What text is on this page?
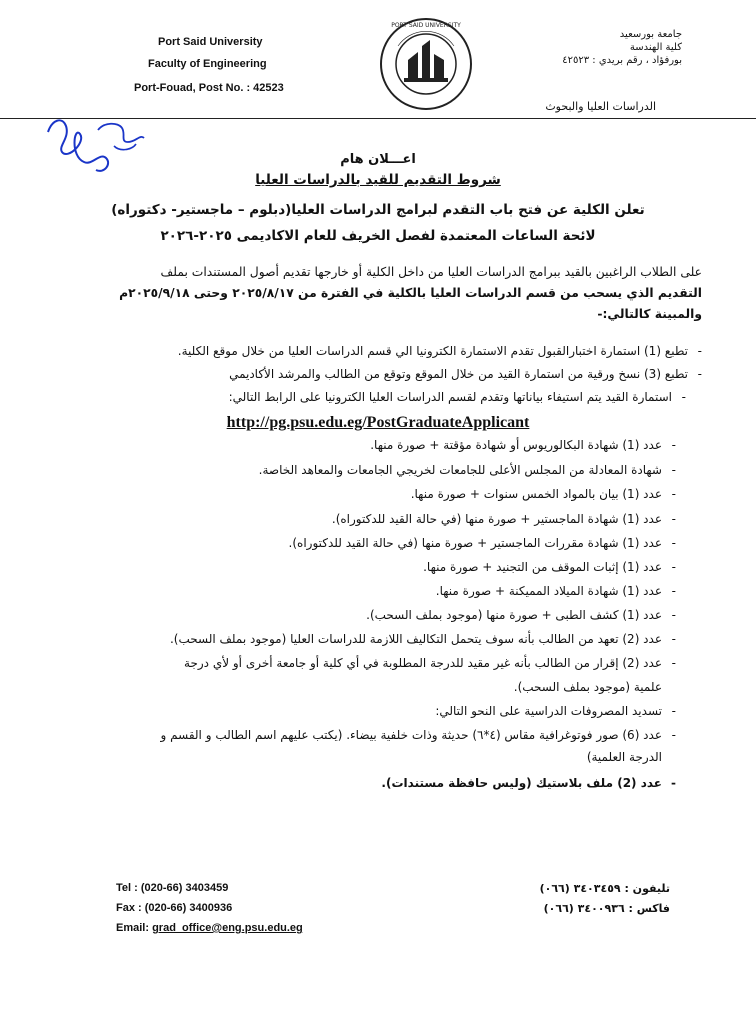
Port Said University
Faculty of Engineering
Port-Fouad, Post No. : 42523
PORT SAID UNIVERSITY
جامعة بورسعيد
كلية الهندسة
بورفؤاد ، رقم بريدي : ٤٢٥٢٣
الدراسات العليا والبحوث
اعـــلان هام
شروط التقديم للقيد بالدراسات العليا
تعلن الكلية عن فتح باب التقدم لبرامج الدراسات العليا(دبلوم – ماجستير- دكتوراه)
لائحة الساعات المعتمدة لفصل الخريف للعام الاكاديمى ٢٠٢٥-٢٠٢٦
على الطلاب الراغبين بالقيد ببرامج الدراسات العليا من داخل الكلية أو خارجها تقديم أصول المستندات بملف
التقديم الذي يسحب من قسم الدراسات العليا بالكلية في الفترة من ٢٠٢٥/٨/١٧ وحتى ٢٠٢٥/٩/١٨م
والمبينة كالتالي:-
-تطبع (1) استمارة اختبارالقبول تقدم الاستمارة الكترونيا الي قسم الدراسات العليا من خلال موقع الكلية.
-تطبع (3) نسخ ورقية من استمارة القيد من خلال الموقع وتوقع من الطالب والمرشد الأكاديمي
-استمارة القيد يتم استيفاء بياناتها وتقدم لقسم الدراسات العليا الكترونيا على الرابط التالي:
http://pg.psu.edu.eg/PostGraduateApplicant
-عدد (1) شهادة البكالوريوس أو شهادة مؤقتة + صورة منها.
-شهادة المعادلة من المجلس الأعلى للجامعات لخريجي الجامعات والمعاهد الخاصة.
-عدد (1) بيان بالمواد الخمس سنوات + صورة منها.
-عدد (1) شهادة الماجستير + صورة منها (في حالة القيد للدكتوراه).
-عدد (1) شهادة مقررات الماجستير + صورة منها (في حالة القيد للدكتوراه).
-عدد (1) إثبات الموقف من التجنيد + صورة منها.
-عدد (1) شهادة الميلاد المميكنة + صورة منها.
-عدد (1) كشف الطبى + صورة منها (موجود بملف السحب).
-عدد (2) تعهد من الطالب بأنه سوف يتحمل التكاليف اللازمة للدراسات العليا (موجود بملف السحب).
-عدد (2) إقرار من الطالب بأنه غير مقيد للدرجة المطلوبة في أي كلية أو جامعة أخرى أو لأي درجة
علمية (موجود بملف السحب).
-تسديد المصروفات الدراسية على النحو التالي:
-عدد (6) صور فوتوغرافية مقاس (٤*٦) حديثة وذات خلفية بيضاء. (يكتب عليهم اسم الطالب و القسم و
الدرجة العلمية)
-عدد (2) ملف بلاستيك (وليس حافظة مستندات).
Tel : (020-66) 3403459
Fax : (020-66) 3400936
Email: grad_office@eng.psu.edu.eg
تليفون : ٣٤٠٣٤٥٩ (٠٦٦)
فاكس : ٣٤٠٠٩٣٦ (٠٦٦)
